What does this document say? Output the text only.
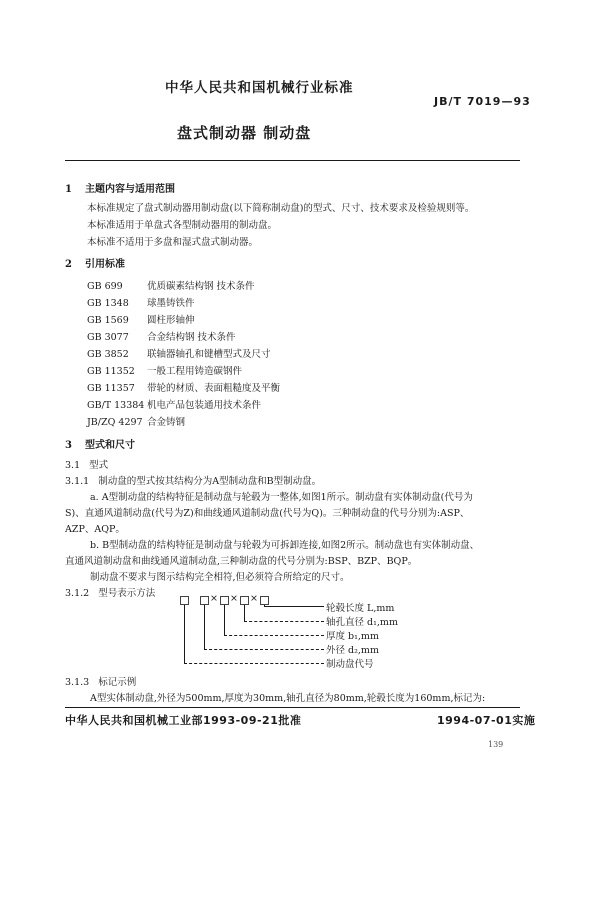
中华人民共和国机械行业标准
JB/T 7019—93
盘式制动器 制动盘
1 主题内容与适用范围
本标准规定了盘式制动器用制动盘(以下简称制动盘)的型式、尺寸、技术要求及检验规则等。
本标准适用于单盘式各型制动器用的制动盘。
本标准不适用于多盘和湿式盘式制动器。
2 引用标准
GB 699	优质碳素结构钢 技术条件
GB 1348 球墨铸铁件
GB 1569 圆柱形轴伸
GB 3077 合金结构钢 技术条件
GB 3852 联轴器轴孔和键槽型式及尺寸
GB 11352 一般工程用铸造碳钢件
GB 11357 带轮的材质、表面粗糙度及平衡
GB/T 13384 机电产品包装通用技术条件
JB/ZQ 4297 合金铸钢
3 型式和尺寸
3.1 型式
3.1.1 制动盘的型式按其结构分为A型制动盘和B型制动盘。
a. A型制动盘的结构特征是制动盘与轮毂为一整体,如图1所示。制动盘有实体制动盘(代号为
S)、直通风道制动盘(代号为Z)和曲线通风道制动盘(代号为Q)。三种制动盘的代号分别为:ASP、
AZP、AQP。
b. B型制动盘的结构特征是制动盘与轮毂为可拆卸连接,如图2所示。制动盘也有实体制动盘、
直通风道制动盘和曲线通风道制动盘,三种制动盘的代号分别为:BSP、BZP、BQP。
制动盘不要求与图示结构完全相符,但必须符合所给定的尺寸。
3.1.2 型号表示方法	× × ×
轮毂长度 L,mm
轴孔直径 d₁,mm
厚度 b₁,mm
外径 d₂,mm
制动盘代号
3.1.3 标记示例
A型实体制动盘,外径为500mm,厚度为30mm,轴孔直径为80mm,轮毂长度为160mm,标记为:
中华人民共和国机械工业部1993-09-21批准	1994-07-01实施
139
